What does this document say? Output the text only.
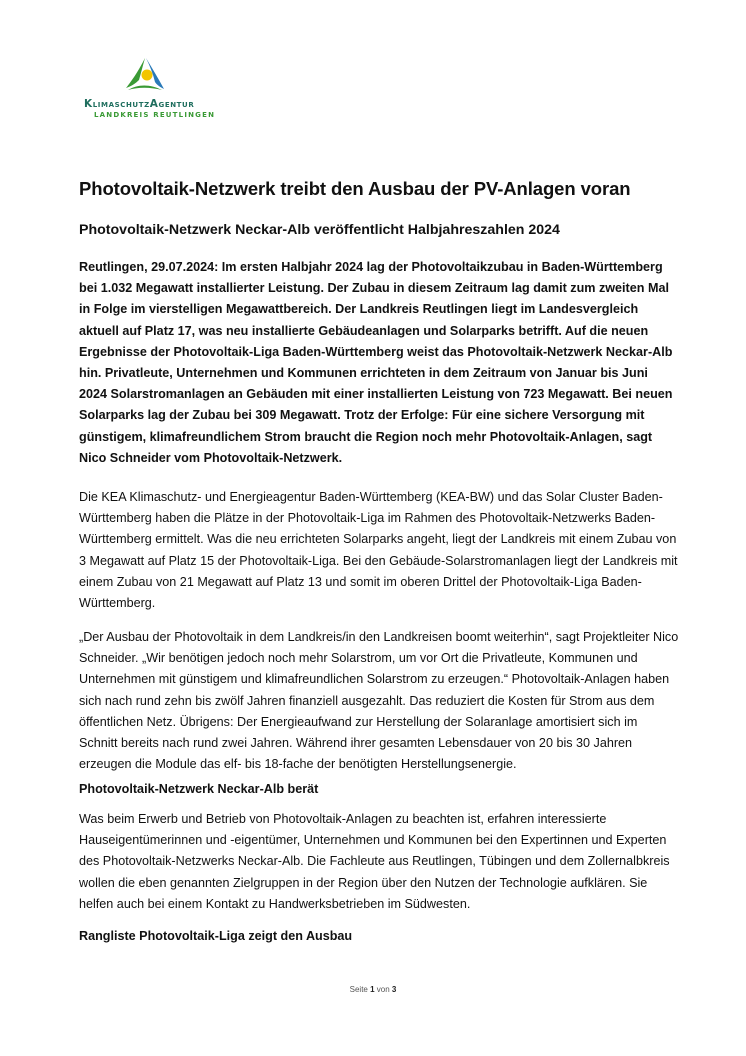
KlimaschutzAgentur
LANDKREIS REUTLINGEN
Photovoltaik-Netzwerk treibt den Ausbau der PV-Anlagen voran
Photovoltaik-Netzwerk Neckar-Alb veröffentlicht Halbjahreszahlen 2024

Reutlingen, 29.07.2024: Im ersten Halbjahr 2024 lag der Photovoltaikzubau in Baden-Württemberg bei 1.032 Megawatt installierter Leistung. Der Zubau in diesem Zeitraum lag damit zum zweiten Mal in Folge im vierstelligen Megawattbereich. Der Landkreis Reutlingen liegt im Landesvergleich aktuell auf Platz 17, was neu installierte Gebäudeanlagen und Solarparks betrifft. Auf die neuen Ergebnisse der Photovoltaik-Liga Baden-Württemberg weist das Photovoltaik-Netzwerk Neckar-Alb hin. Privatleute, Unternehmen und Kommunen errichteten in dem Zeitraum von Januar bis Juni 2024 Solarstromanlagen an Gebäuden mit einer installierten Leistung von 723 Megawatt. Bei neuen Solarparks lag der Zubau bei 309 Megawatt. Trotz der Erfolge: Für eine sichere Versorgung mit günstigem, klimafreundlichem Strom braucht die Region noch mehr Photovoltaik-Anlagen, sagt Nico Schneider vom Photovoltaik-Netzwerk.

Die KEA Klimaschutz- und Energieagentur Baden-Württemberg (KEA-BW) und das Solar Cluster Baden-Württemberg haben die Plätze in der Photovoltaik-Liga im Rahmen des Photovoltaik-Netzwerks Baden-Württemberg ermittelt. Was die neu errichteten Solarparks angeht, liegt der Landkreis mit einem Zubau von 3 Megawatt auf Platz 15 der Photovoltaik-Liga. Bei den Gebäude-Solarstromanlagen liegt der Landkreis mit einem Zubau von 21 Megawatt auf Platz 13 und somit im oberen Drittel der Photovoltaik-Liga Baden-Württemberg.

„Der Ausbau der Photovoltaik in dem Landkreis/in den Landkreisen boomt weiterhin“, sagt Projektleiter Nico Schneider. „Wir benötigen jedoch noch mehr Solarstrom, um vor Ort die Privatleute, Kommunen und Unternehmen mit günstigem und klimafreundlichen Solarstrom zu erzeugen.“ Photovoltaik-Anlagen haben sich nach rund zehn bis zwölf Jahren finanziell ausgezahlt. Das reduziert die Kosten für Strom aus dem öffentlichen Netz. Übrigens: Der Energieaufwand zur Herstellung der Solaranlage amortisiert sich im Schnitt bereits nach rund zwei Jahren. Während ihrer gesamten Lebensdauer von 20 bis 30 Jahren erzeugen die Module das elf- bis 18-fache der benötigten Herstellungsenergie.

Photovoltaik-Netzwerk Neckar-Alb berät

Was beim Erwerb und Betrieb von Photovoltaik-Anlagen zu beachten ist, erfahren interessierte Hauseigentümerinnen und -eigentümer, Unternehmen und Kommunen bei den Expertinnen und Experten des Photovoltaik-Netzwerks Neckar-Alb. Die Fachleute aus Reutlingen, Tübingen und dem Zollernalbkreis wollen die eben genannten Zielgruppen in der Region über den Nutzen der Technologie aufklären. Sie helfen auch bei einem Kontakt zu Handwerksbetrieben im Südwesten.

Rangliste Photovoltaik-Liga zeigt den Ausbau

Seite 1 von 3
